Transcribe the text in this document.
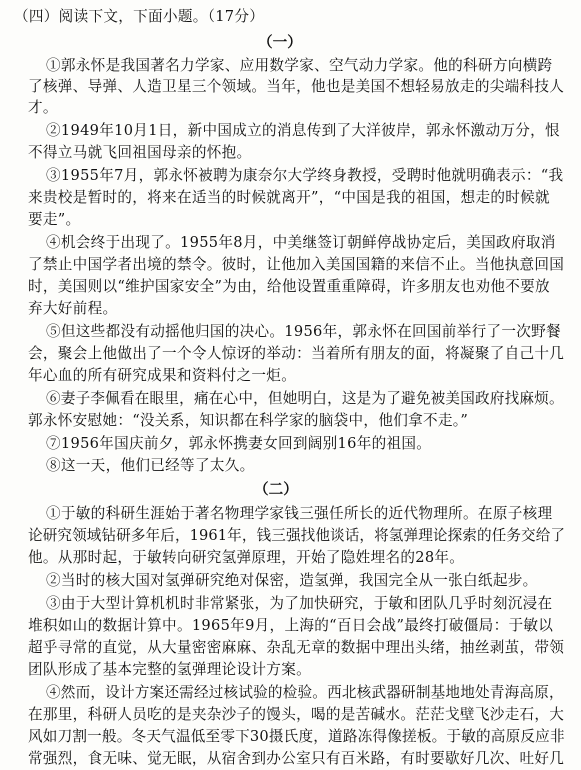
（四）阅读下文，下面小题。（17分）
（一）
①郭永怀是我国著名力学家、应用数学家、空气动力学家。他的科研方向横跨
了核弹、导弹、人造卫星三个领域。当年，他也是美国不想轻易放走的尖端科技人
才。
②1949年10月1日，新中国成立的消息传到了大洋彼岸，郭永怀激动万分，恨
不得立马就飞回祖国母亲的怀抱。
③1955年7月，郭永怀被聘为康奈尔大学终身教授，受聘时他就明确表示：“我
来贵校是暂时的，将来在适当的时候就离开”，“中国是我的祖国，想走的时候就
要走”。
④机会终于出现了。1955年8月，中美继签订朝鲜停战协定后，美国政府取消
了禁止中国学者出境的禁令。彼时，让他加入美国国籍的来信不止。当他执意回国
时，美国则以“维护国家安全”为由，给他设置重重障碍，许多朋友也劝他不要放
弃大好前程。
⑤但这些都没有动摇他归国的决心。1956年，郭永怀在回国前举行了一次野餐
会，聚会上他做出了一个令人惊讶的举动：当着所有朋友的面，将凝聚了自己十几
年心血的所有研究成果和资料付之一炬。
⑥妻子李佩看在眼里，痛在心中，但她明白，这是为了避免被美国政府找麻烦。
郭永怀安慰她：“没关系，知识都在科学家的脑袋中，他们拿不走。”
⑦1956年国庆前夕，郭永怀携妻女回到阔别16年的祖国。
⑧这一天，他们已经等了太久。
（二）
①于敏的科研生涯始于著名物理学家钱三强任所长的近代物理所。在原子核理
论研究领域钻研多年后，1961年，钱三强找他谈话，将氢弹理论探索的任务交给了
他。从那时起，于敏转向研究氢弹原理，开始了隐姓埋名的28年。
②当时的核大国对氢弹研究绝对保密，造氢弹，我国完全从一张白纸起步。
③由于大型计算机机时非常紧张，为了加快研究，于敏和团队几乎时刻沉浸在
堆积如山的数据计算中。1965年9月，上海的“百日会战”最终打破僵局：于敏以
超乎寻常的直觉，从大量密密麻麻、杂乱无章的数据中理出头绪，抽丝剥茧，带领
团队形成了基本完整的氢弹理论设计方案。
④然而，设计方案还需经过核试验的检验。西北核武器研制基地地处青海高原，
在那里，科研人员吃的是夹杂沙子的馒头，喝的是苦碱水。茫茫戈壁飞沙走石，大
风如刀割一般。冬天气温低至零下30摄氏度，道路冻得像搓板。于敏的高原反应非
常强烈，食无味、觉无眠，从宿舍到办公室只有百米路，有时要歇好几次、吐好几
